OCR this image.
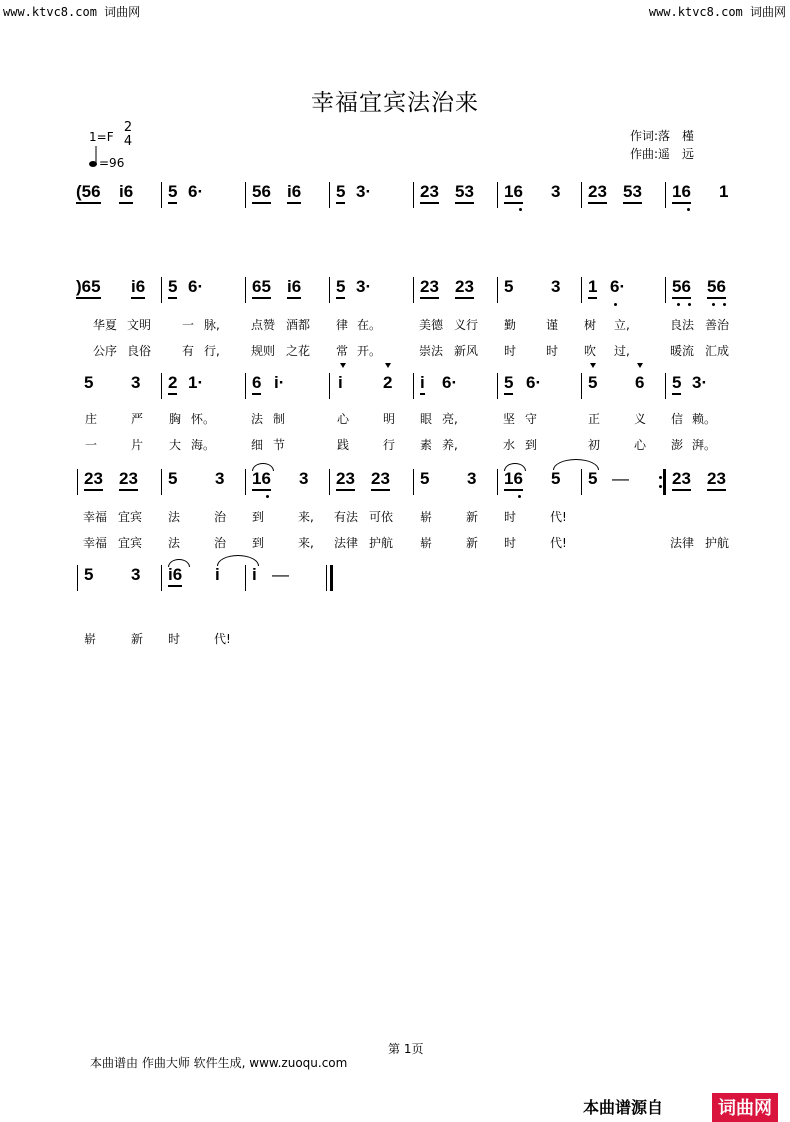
www.ktvc8.com 词曲网	www.ktvc8.com 词曲网
幸福宜宾法治来
1=F
2
4
=96
作词:落　槿
作曲:遥　远
(56 i6 5 6·	56 i6 5 3·	23 53 16 3 23 53 16 1
)65 i6 5 6·	65 i6 5 3·	23 23 5 3 1 6·	56 56
华夏 文明	一 脉,	点赞 酒都 律 在。	美德 义行 勤 谨 树 立,	良法 善治
公序 良俗	有 行,	规则 之花 常 开。	崇法 新风 时 时 吹 过,	暖流 汇成
5 3 2 1·	6 i·	i 2 i 6·	5 6·	5 6 5 3·
庄	严 胸 怀。	法 制	心	明 眼 亮,	坚 守	正	义 信 赖。
一	片 大 海。	细 节	践	行 素 养,	水 到	初	心 澎 湃。
23 23 5 3 16 3 23 23 5 3 16 5 5 —	23 23
幸福 宜宾 法	治 到	来, 有法 可依 崭	新 时	代!
幸福 宜宾 法	治 到	来, 法律 护航 崭	新 时	代!	法律 护航
5 3 i6 i i —
崭	新 时	代!
第 1页
本曲谱由 作曲大师 软件生成, www.zuoqu.com
本曲谱源自	词曲网
